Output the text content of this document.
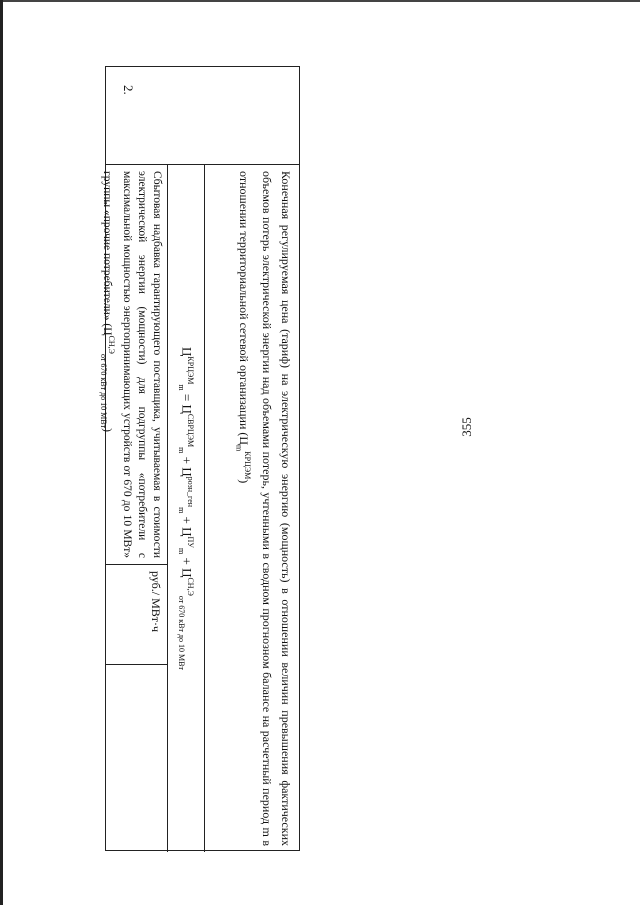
355
2.
Конечная регулируемая цена (тариф) на электрическую энергию (мощность) в отношении величин превышения фактических объемов потерь электрической энергии над объемами потерь, учтенными в сводном прогнозном балансе на расчетный период m в отношении территориальной сетевой организации $(Ц_m^{КРЦЭМ})$
$Ц^{КРЦЭМ}_m = Ц^{СВРЦЭМ}_m + Ц^{розн\_ген}_m + Ц^{ПУ}_m + Ц^{СН,Э}_{от 670 кВт до 10 МВт}$
Сбытовая надбавка гарантирующего поставщика, учитываемая в стоимости электрической энергии (мощности) для подгруппы «потребители с максимальной мощностью энергопринимающих устройств от 670 до 10 МВт» группы «прочие потребители» $(Ц^{СН,Э}_{от 670 кВт до 10 МВт})$
руб./ МВт·ч
